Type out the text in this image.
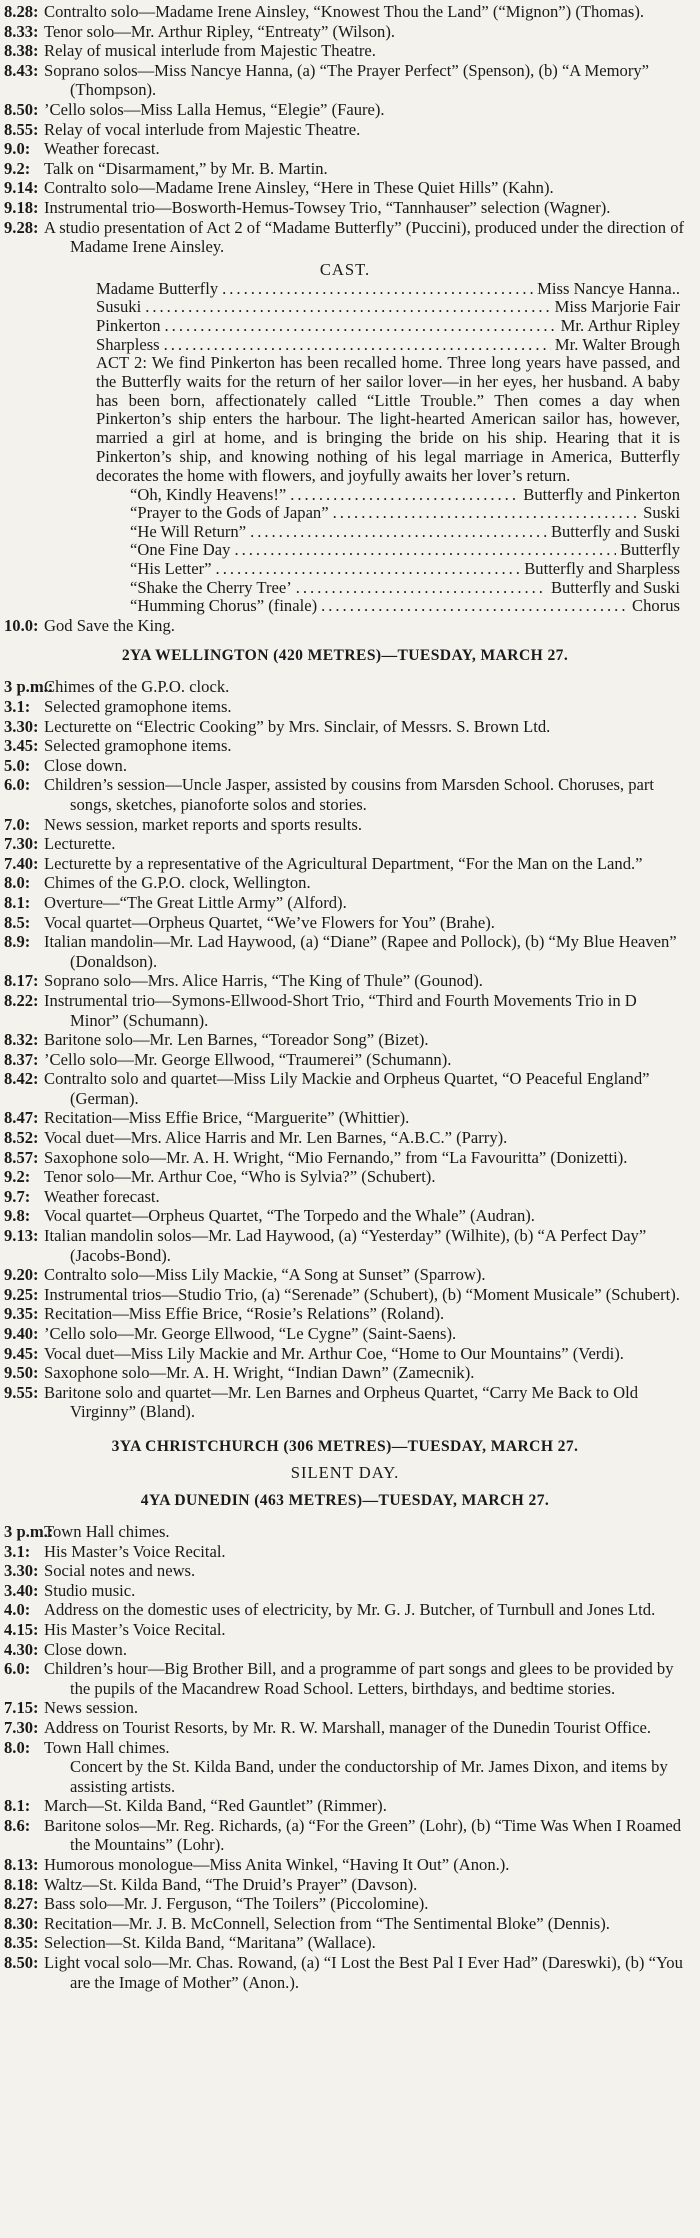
8.28: Contralto solo—Madame Irene Ainsley, “Knowest Thou the Land” (“Mignon”) (Thomas).
8.33: Tenor solo—Mr. Arthur Ripley, “Entreaty” (Wilson).
8.38: Relay of musical interlude from Majestic Theatre.
8.43: Soprano solos—Miss Nancye Hanna, (a) “The Prayer Perfect” (Spenson), (b) “A Memory” (Thompson).
8.50: ’Cello solos—Miss Lalla Hemus, “Elegie” (Faure).
8.55: Relay of vocal interlude from Majestic Theatre.
9.0: Weather forecast.
9.2: Talk on “Disarmament,” by Mr. B. Martin.
9.14: Contralto solo—Madame Irene Ainsley, “Here in These Quiet Hills” (Kahn).
9.18: Instrumental trio—Bosworth-Hemus-Towsey Trio, “Tannhauser” selection (Wagner).
9.28: A studio presentation of Act 2 of “Madame Butterfly” (Puccini), produced under the direction of Madame Irene Ainsley.
CAST.
Madame Butterfly .....	Miss Nancye Hanna..
Susuki .....	Miss Marjorie Fair
Pinkerton .....	Mr. Arthur Ripley
Sharpless .....	Mr. Walter Brough
ACT 2: We find Pinkerton has been recalled home. Three long years have passed, and the Butterfly waits for the return of her sailor lover—in her eyes, her husband. A baby has been born, affectionately called “Little Trouble.” Then comes a day when Pinkerton’s ship enters the harbour. The light-hearted American sailor has, however, married a girl at home, and is bringing the bride on his ship. Hearing that it is Pinkerton’s ship, and knowing nothing of his legal marriage in America, Butterfly decorates the home with flowers, and joyfully awaits her lover’s return.
“Oh, Kindly Heavens!” .....	Butterfly and Pinkerton
“Prayer to the Gods of Japan” .....	Suski
“He Will Return” .....	Butterfly and Suski
“One Fine Day .....	Butterfly
“His Letter” .....	Butterfly and Sharpless
“Shake the Cherry Tree’ .....	Butterfly and Suski
“Humming Chorus” (finale) .....	Chorus
10.0: God Save the King.
2YA WELLINGTON (420 METRES)—TUESDAY, MARCH 27.
3 p.m.:
Chimes of the G.P.O. clock.
3.1: Selected gramophone items.
3.30: Lecturette on “Electric Cooking” by Mrs. Sinclair, of Messrs. S. Brown Ltd.
3.45: Selected gramophone items.
5.0: Close down.
6.0: Children’s session—Uncle Jasper, assisted by cousins from Marsden School. Choruses, part songs, sketches, pianoforte solos and stories.
7.0: News session, market reports and sports results.
7.30: Lecturette.
7.40: Lecturette by a representative of the Agricultural Department, “For the Man on the Land.”
8.0: Chimes of the G.P.O. clock, Wellington.
8.1: Overture—“The Great Little Army” (Alford).
8.5: Vocal quartet—Orpheus Quartet, “We’ve Flowers for You” (Brahe).
8.9: Italian mandolin—Mr. Lad Haywood, (a) “Diane” (Rapee and Pollock), (b) “My Blue Heaven” (Donaldson).
8.17: Soprano solo—Mrs. Alice Harris, “The King of Thule” (Gounod).
8.22: Instrumental trio—Symons-Ellwood-Short Trio, “Third and Fourth Movements Trio in D Minor” (Schumann).
8.32: Baritone solo—Mr. Len Barnes, “Toreador Song” (Bizet).
8.37: ’Cello solo—Mr. George Ellwood, “Traumerei” (Schumann).
8.42: Contralto solo and quartet—Miss Lily Mackie and Orpheus Quartet, “O Peaceful England” (German).
8.47: Recitation—Miss Effie Brice, “Marguerite” (Whittier).
8.52: Vocal duet—Mrs. Alice Harris and Mr. Len Barnes, “A.B.C.” (Parry).
8.57: Saxophone solo—Mr. A. H. Wright, “Mio Fernando,” from “La Favouritta” (Donizetti).
9.2: Tenor solo—Mr. Arthur Coe, “Who is Sylvia?” (Schubert).
9.7: Weather forecast.
9.8: Vocal quartet—Orpheus Quartet, “The Torpedo and the Whale” (Audran).
9.13: Italian mandolin solos—Mr. Lad Haywood, (a) “Yesterday” (Wilhite), (b) “A Perfect Day” (Jacobs-Bond).
9.20: Contralto solo—Miss Lily Mackie, “A Song at Sunset” (Sparrow).
9.25: Instrumental trios—Studio Trio, (a) “Serenade” (Schubert), (b) “Moment Musicale” (Schubert).
9.35: Recitation—Miss Effie Brice, “Rosie’s Relations” (Roland).
9.40: ’Cello solo—Mr. George Ellwood, “Le Cygne” (Saint-Saens).
9.45: Vocal duet—Miss Lily Mackie and Mr. Arthur Coe, “Home to Our Mountains” (Verdi).
9.50: Saxophone solo—Mr. A. H. Wright, “Indian Dawn” (Zamecnik).
9.55: Baritone solo and quartet—Mr. Len Barnes and Orpheus Quartet, “Carry Me Back to Old Virginny” (Bland).
3YA CHRISTCHURCH (306 METRES)—TUESDAY, MARCH 27.
SILENT DAY.
4YA DUNEDIN (463 METRES)—TUESDAY, MARCH 27.
3 p.m.:
Town Hall chimes.
3.1: His Master’s Voice Recital.
3.30: Social notes and news.
3.40: Studio music.
4.0: Address on the domestic uses of electricity, by Mr. G. J. Butcher, of Turnbull and Jones Ltd.
4.15: His Master’s Voice Recital.
4.30: Close down.
6.0: Children’s hour—Big Brother Bill, and a programme of part songs and glees to be provided by the pupils of the Macandrew Road School. Letters, birthdays, and bedtime stories.
7.15: News session.
7.30: Address on Tourist Resorts, by Mr. R. W. Marshall, manager of the Dunedin Tourist Office.
8.0: Town Hall chimes.
Concert by the St. Kilda Band, under the conductorship of Mr. James Dixon, and items by assisting artists.
8.1: March—St. Kilda Band, “Red Gauntlet” (Rimmer).
8.6: Baritone solos—Mr. Reg. Richards, (a) “For the Green” (Lohr), (b) “Time Was When I Roamed the Mountains” (Lohr).
8.13: Humorous monologue—Miss Anita Winkel, “Having It Out” (Anon.).
8.18: Waltz—St. Kilda Band, “The Druid’s Prayer” (Davson).
8.27: Bass solo—Mr. J. Ferguson, “The Toilers” (Piccolomine).
8.30: Recitation—Mr. J. B. McConnell, Selection from “The Sentimental Bloke” (Dennis).
8.35: Selection—St. Kilda Band, “Maritana” (Wallace).
8.50: Light vocal solo—Mr. Chas. Rowand, (a) “I Lost the Best Pal I Ever Had” (Dareswki), (b) “You are the Image of Mother” (Anon.).
